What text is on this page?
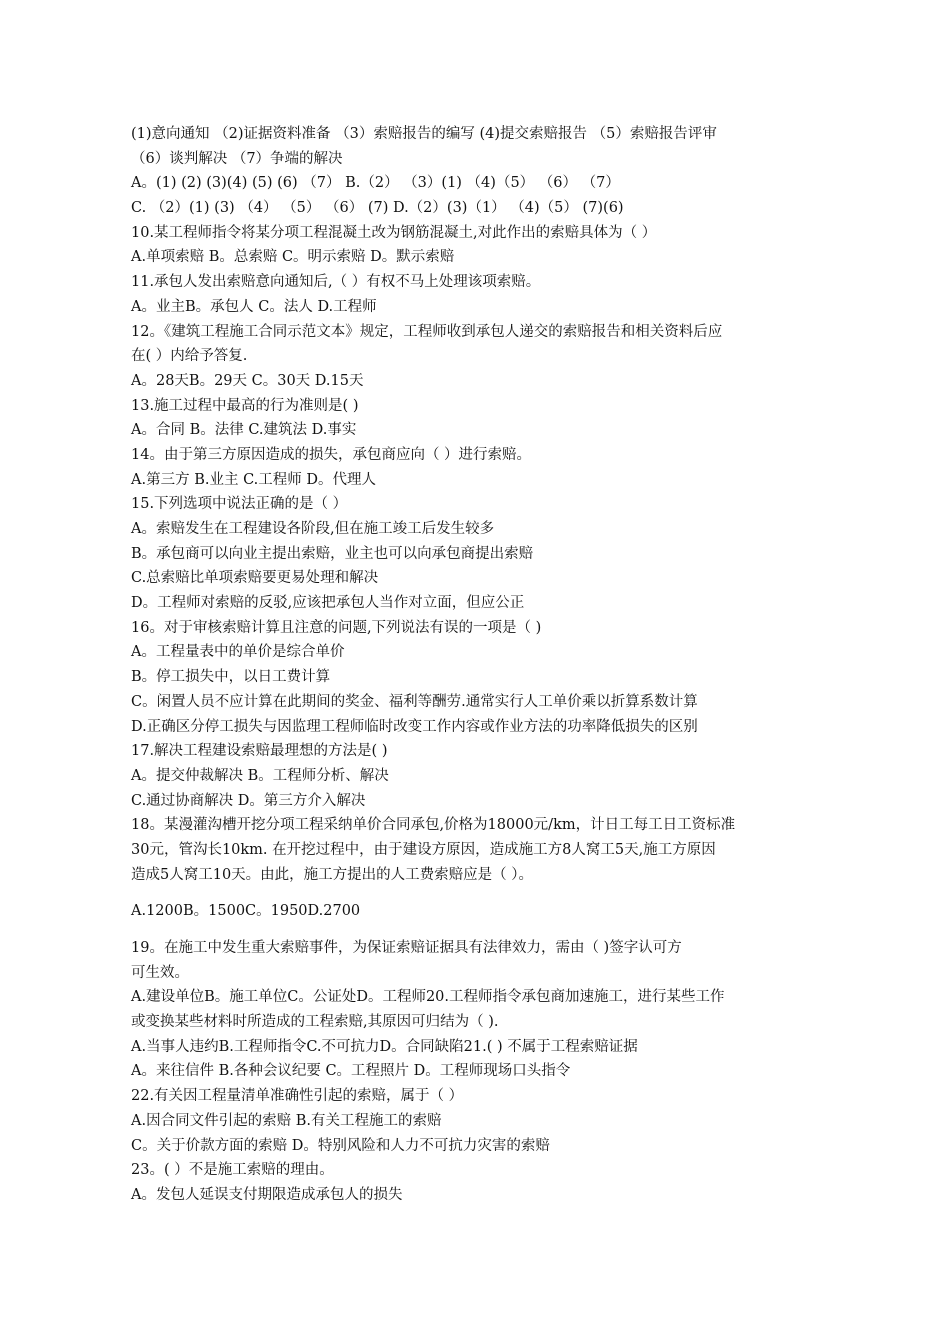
(1)意向通知 （2)证据资料准备 （3）索赔报告的编写 (4)提交索赔报告 （5）索赔报告评审
（6）谈判解决 （7）争端的解决
A。(1) (2) (3)(4) (5) (6) （7） B.（2） （3）(1) （4)（5） （6） （7）
C. （2）(1) (3) （4） （5） （6） (7) D.（2）(3)（1） （4)（5） (7)(6)
10.某工程师指令将某分项工程混凝土改为钢筋混凝土,对此作出的索赔具体为（ ）
A.单项索赔 B。总索赔 C。明示索赔 D。默示索赔
11.承包人发出索赔意向通知后,（ ）有权不马上处理该项索赔。
A。业主B。承包人 C。法人 D.工程师
12。《建筑工程施工合同示范文本》规定，工程师收到承包人递交的索赔报告和相关资料后应
在( ）内给予答复.
A。28天B。29天 C。30天 D.15天
13.施工过程中最高的行为准则是( )
A。合同 B。法律 C.建筑法 D.事实
14。由于第三方原因造成的损失，承包商应向（ ）进行索赔。
A.第三方 B.业主 C.工程师 D。代理人
15.下列选项中说法正确的是（ ）
A。索赔发生在工程建设各阶段,但在施工竣工后发生较多
B。承包商可以向业主提出索赔，业主也可以向承包商提出索赔
C.总索赔比单项索赔要更易处理和解决
D。工程师对索赔的反驳,应该把承包人当作对立面，但应公正
16。对于审核索赔计算且注意的问题,下列说法有误的一项是（ )
A。工程量表中的单价是综合单价
B。停工损失中，以日工费计算
C。闲置人员不应计算在此期间的奖金、福利等酬劳.通常实行人工单价乘以折算系数计算
D.正确区分停工损失与因监理工程师临时改变工作内容或作业方法的功率降低损失的区别
17.解决工程建设索赔最理想的方法是( )
A。提交仲裁解决 B。工程师分析、解决
C.通过协商解决 D。第三方介入解决
18。某漫灌沟槽开挖分项工程采纳单价合同承包,价格为18000元/km，计日工每工日工资标准
30元，管沟长10km. 在开挖过程中，由于建设方原因，造成施工方8人窝工5天,施工方原因
造成5人窝工10天。由此，施工方提出的人工费索赔应是（ ）。
A.1200B。1500C。1950D.2700
19。在施工中发生重大索赔事件，为保证索赔证据具有法律效力，需由（ )签字认可方
可生效。
A.建设单位B。施工单位C。公证处D。工程师20.工程师指令承包商加速施工，进行某些工作
或变换某些材料时所造成的工程索赔,其原因可归结为（ ).
A.当事人违约B.工程师指令C.不可抗力D。合同缺陷21.( ) 不属于工程索赔证据
A。来往信件 B.各种会议纪要 C。工程照片 D。工程师现场口头指令
22.有关因工程量清单准确性引起的索赔，属于（ ）
A.因合同文件引起的索赔 B.有关工程施工的索赔
C。关于价款方面的索赔 D。特别风险和人力不可抗力灾害的索赔
23。( ）不是施工索赔的理由。
A。发包人延误支付期限造成承包人的损失
